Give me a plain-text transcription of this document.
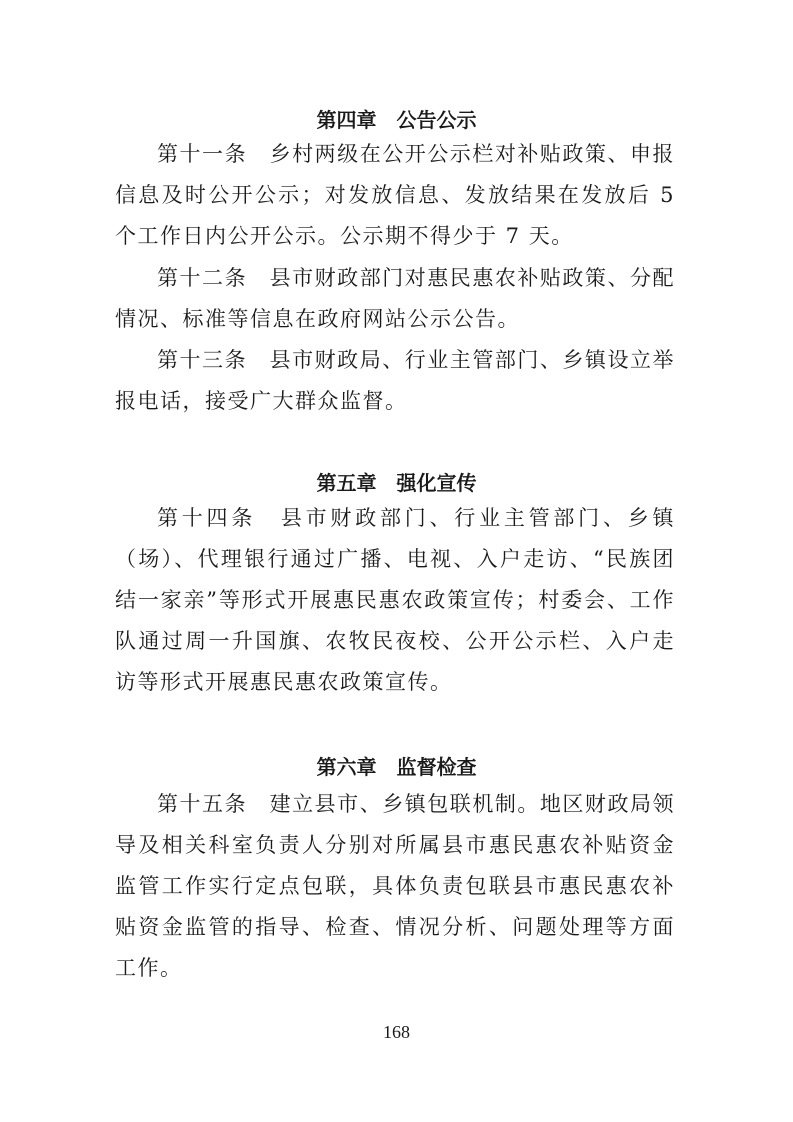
第四章　公告公示

第十一条　乡村两级在公开公示栏对补贴政策、申报信息及时公开公示；对发放信息、发放结果在发放后 5 个工作日内公开公示。公示期不得少于 7 天。

第十二条　县市财政部门对惠民惠农补贴政策、分配情况、标准等信息在政府网站公示公告。

第十三条　县市财政局、行业主管部门、乡镇设立举报电话，接受广大群众监督。

第五章　强化宣传

第十四条　县市财政部门、行业主管部门、乡镇（场）、代理银行通过广播、电视、入户走访、“民族团结一家亲”等形式开展惠民惠农政策宣传；村委会、工作队通过周一升国旗、农牧民夜校、公开公示栏、入户走访等形式开展惠民惠农政策宣传。

第六章　监督检查

第十五条　建立县市、乡镇包联机制。地区财政局领导及相关科室负责人分别对所属县市惠民惠农补贴资金监管工作实行定点包联，具体负责包联县市惠民惠农补贴资金监管的指导、检查、情况分析、问题处理等方面工作。

168
